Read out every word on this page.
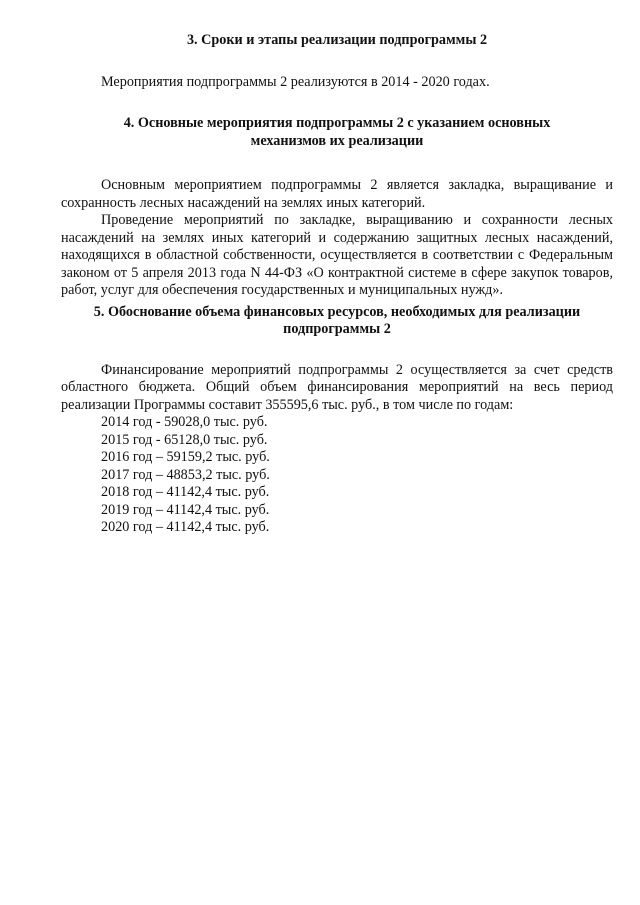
3. Сроки и этапы реализации подпрограммы 2

Мероприятия подпрограммы 2 реализуются в 2014 - 2020 годах.

4. Основные мероприятия подпрограммы 2 с указанием основных механизмов их реализации

Основным мероприятием подпрограммы 2 является закладка, выращивание и сохранность лесных насаждений на землях иных категорий.

Проведение мероприятий по закладке, выращиванию и сохранности лесных насаждений на землях иных категорий и содержанию защитных лесных насаждений, находящихся в областной собственности, осуществляется в соответствии с Федеральным законом от 5 апреля 2013 года N 44-ФЗ «О контрактной системе в сфере закупок товаров, работ, услуг для обеспечения государственных и муниципальных нужд».

5. Обоснование объема финансовых ресурсов, необходимых для реализации подпрограммы 2

Финансирование мероприятий подпрограммы 2 осуществляется за счет средств областного бюджета. Общий объем финансирования мероприятий на весь период реализации Программы составит 355595,6 тыс. руб., в том числе по годам:

2014 год - 59028,0 тыс. руб.
2015 год - 65128,0 тыс. руб.
2016 год – 59159,2 тыс. руб.
2017 год – 48853,2 тыс. руб.
2018 год – 41142,4 тыс. руб.
2019 год – 41142,4 тыс. руб.
2020 год – 41142,4 тыс. руб.
